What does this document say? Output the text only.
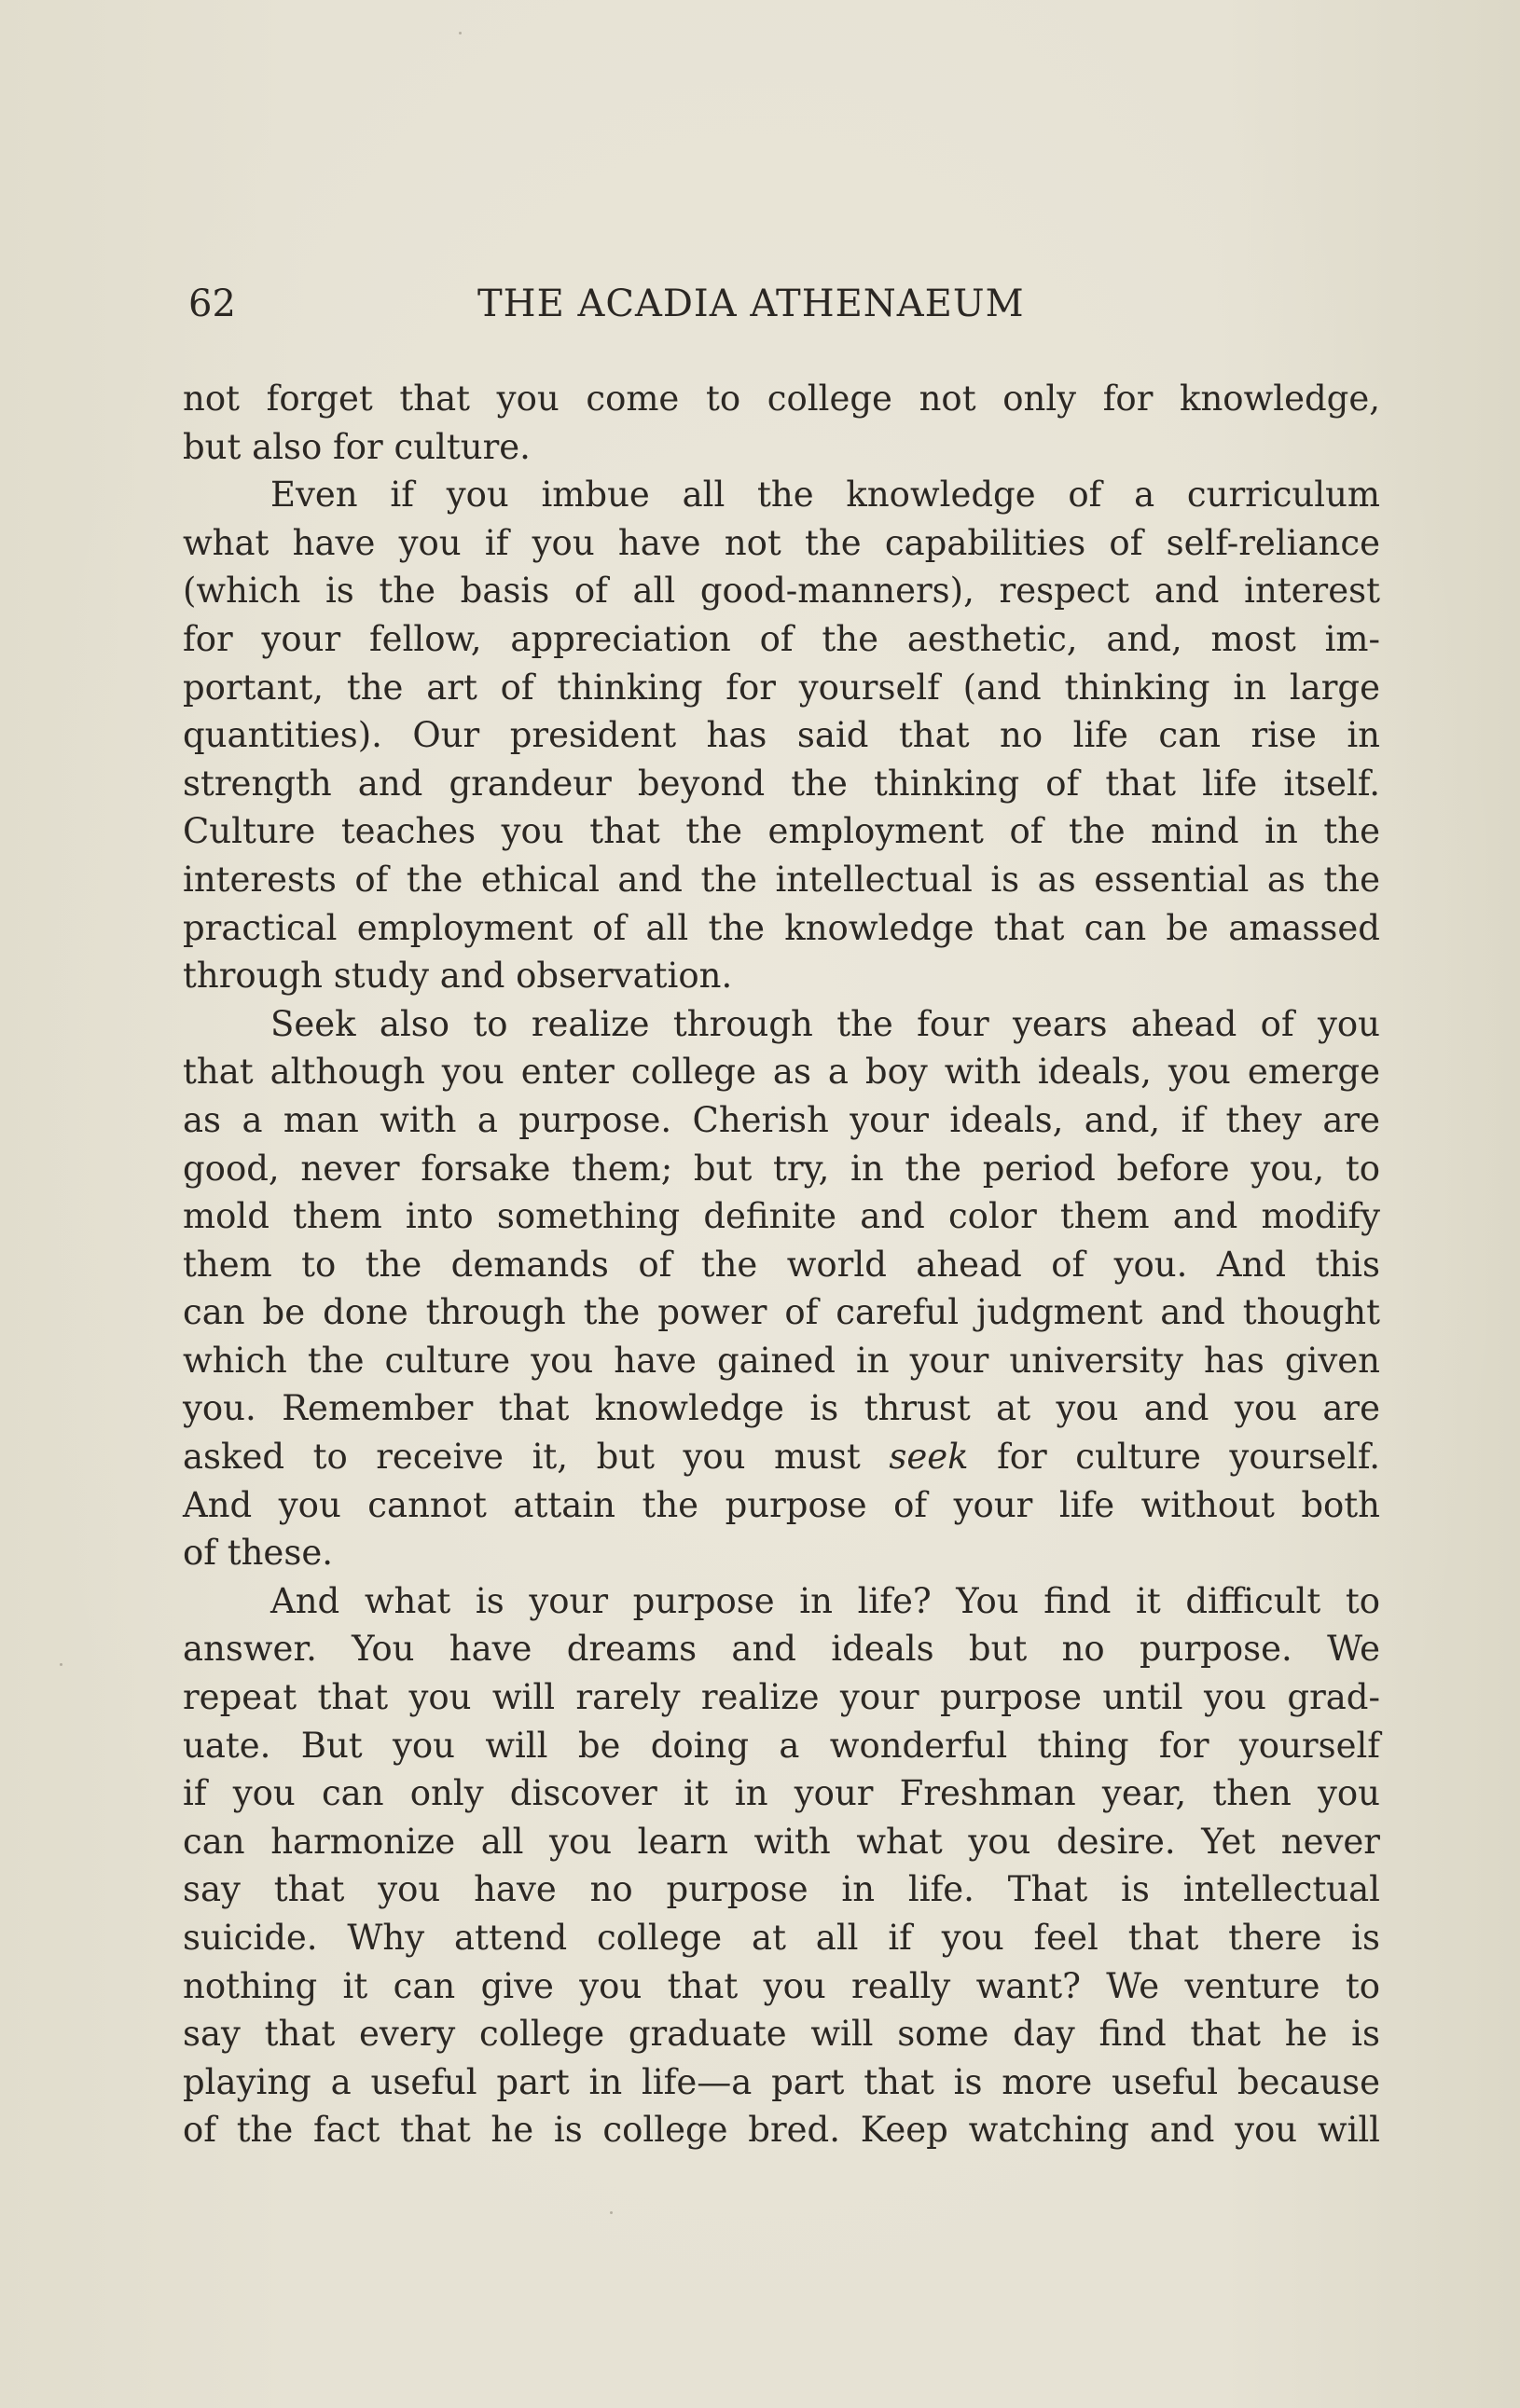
62	THE ACADIA ATHENAEUM
not forget that you come to college not only for knowledge,
but also for culture.
Even if you imbue all the knowledge of a curriculum
what have you if you have not the capabilities of self-reliance
(which is the basis of all good-manners), respect and interest
for your fellow, appreciation of the aesthetic, and, most im-
portant, the art of thinking for yourself (and thinking in large
quantities). Our president has said that no life can rise in
strength and grandeur beyond the thinking of that life itself.
Culture teaches you that the employment of the mind in the
interests of the ethical and the intellectual is as essential as the
practical employment of all the knowledge that can be amassed
through study and observation.
Seek also to realize through the four years ahead of you
that although you enter college as a boy with ideals, you emerge
as a man with a purpose. Cherish your ideals, and, if they are
good, never forsake them; but try, in the period before you, to
mold them into something definite and color them and modify
them to the demands of the world ahead of you. And this
can be done through the power of careful judgment and thought
which the culture you have gained in your university has given
you. Remember that knowledge is thrust at you and you are
asked to receive it, but you must seek for culture yourself.
And you cannot attain the purpose of your life without both
of these.
And what is your purpose in life? You find it difficult to
answer. You have dreams and ideals but no purpose. We
repeat that you will rarely realize your purpose until you grad-
uate. But you will be doing a wonderful thing for yourself
if you can only discover it in your Freshman year, then you
can harmonize all you learn with what you desire. Yet never
say that you have no purpose in life. That is intellectual
suicide. Why attend college at all if you feel that there is
nothing it can give you that you really want? We venture to
say that every college graduate will some day find that he is
playing a useful part in life—a part that is more useful because
of the fact that he is college bred. Keep watching and you will
